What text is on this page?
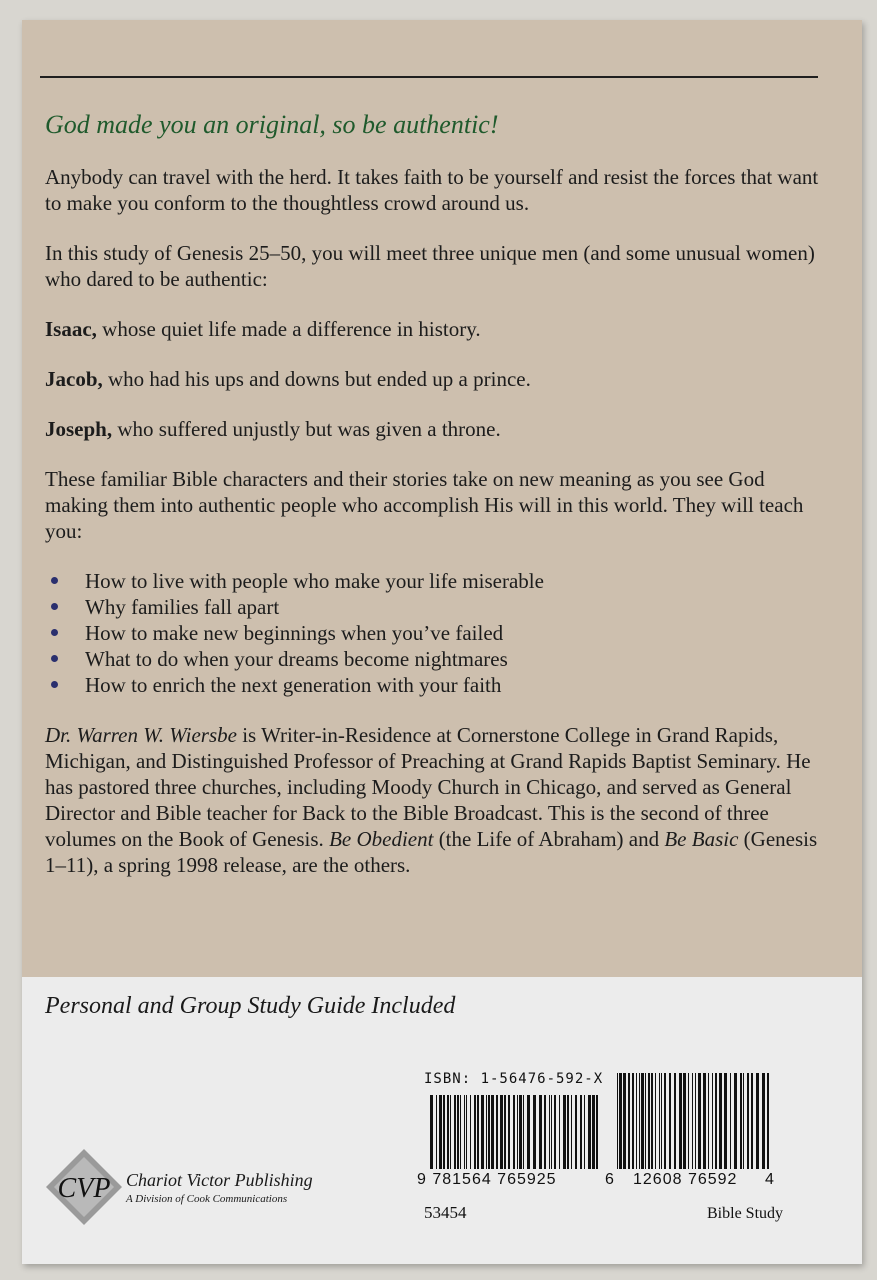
God made you an original, so be authentic!

Anybody can travel with the herd. It takes faith to be yourself and resist the forces that want to make you conform to the thoughtless crowd around us.

In this study of Genesis 25–50, you will meet three unique men (and some unusual women) who dared to be authentic:

Isaac, whose quiet life made a difference in history.

Jacob, who had his ups and downs but ended up a prince.

Joseph, who suffered unjustly but was given a throne.

These familiar Bible characters and their stories take on new meaning as you see God making them into authentic people who accomplish His will in this world. They will teach you:

How to live with people who make your life miserable
Why families fall apart
How to make new beginnings when you’ve failed
What to do when your dreams become nightmares
How to enrich the next generation with your faith

Dr. Warren W. Wiersbe is Writer-in-Residence at Cornerstone College in Grand Rapids, Michigan, and Distinguished Professor of Preaching at Grand Rapids Baptist Seminary. He has pastored three churches, including Moody Church in Chicago, and served as General Director and Bible teacher for Back to the Bible Broadcast. This is the second of three volumes on the Book of Genesis. Be Obedient (the Life of Abraham) and Be Basic (Genesis 1–11), a spring 1998 release, are the others.

Personal and Group Study Guide Included
ISBN: 1-56476-592-X
9 781564 765925	6 12608 76592 4
53454	Bible Study
CVP Chariot Victor Publishing
A Division of Cook Communications
